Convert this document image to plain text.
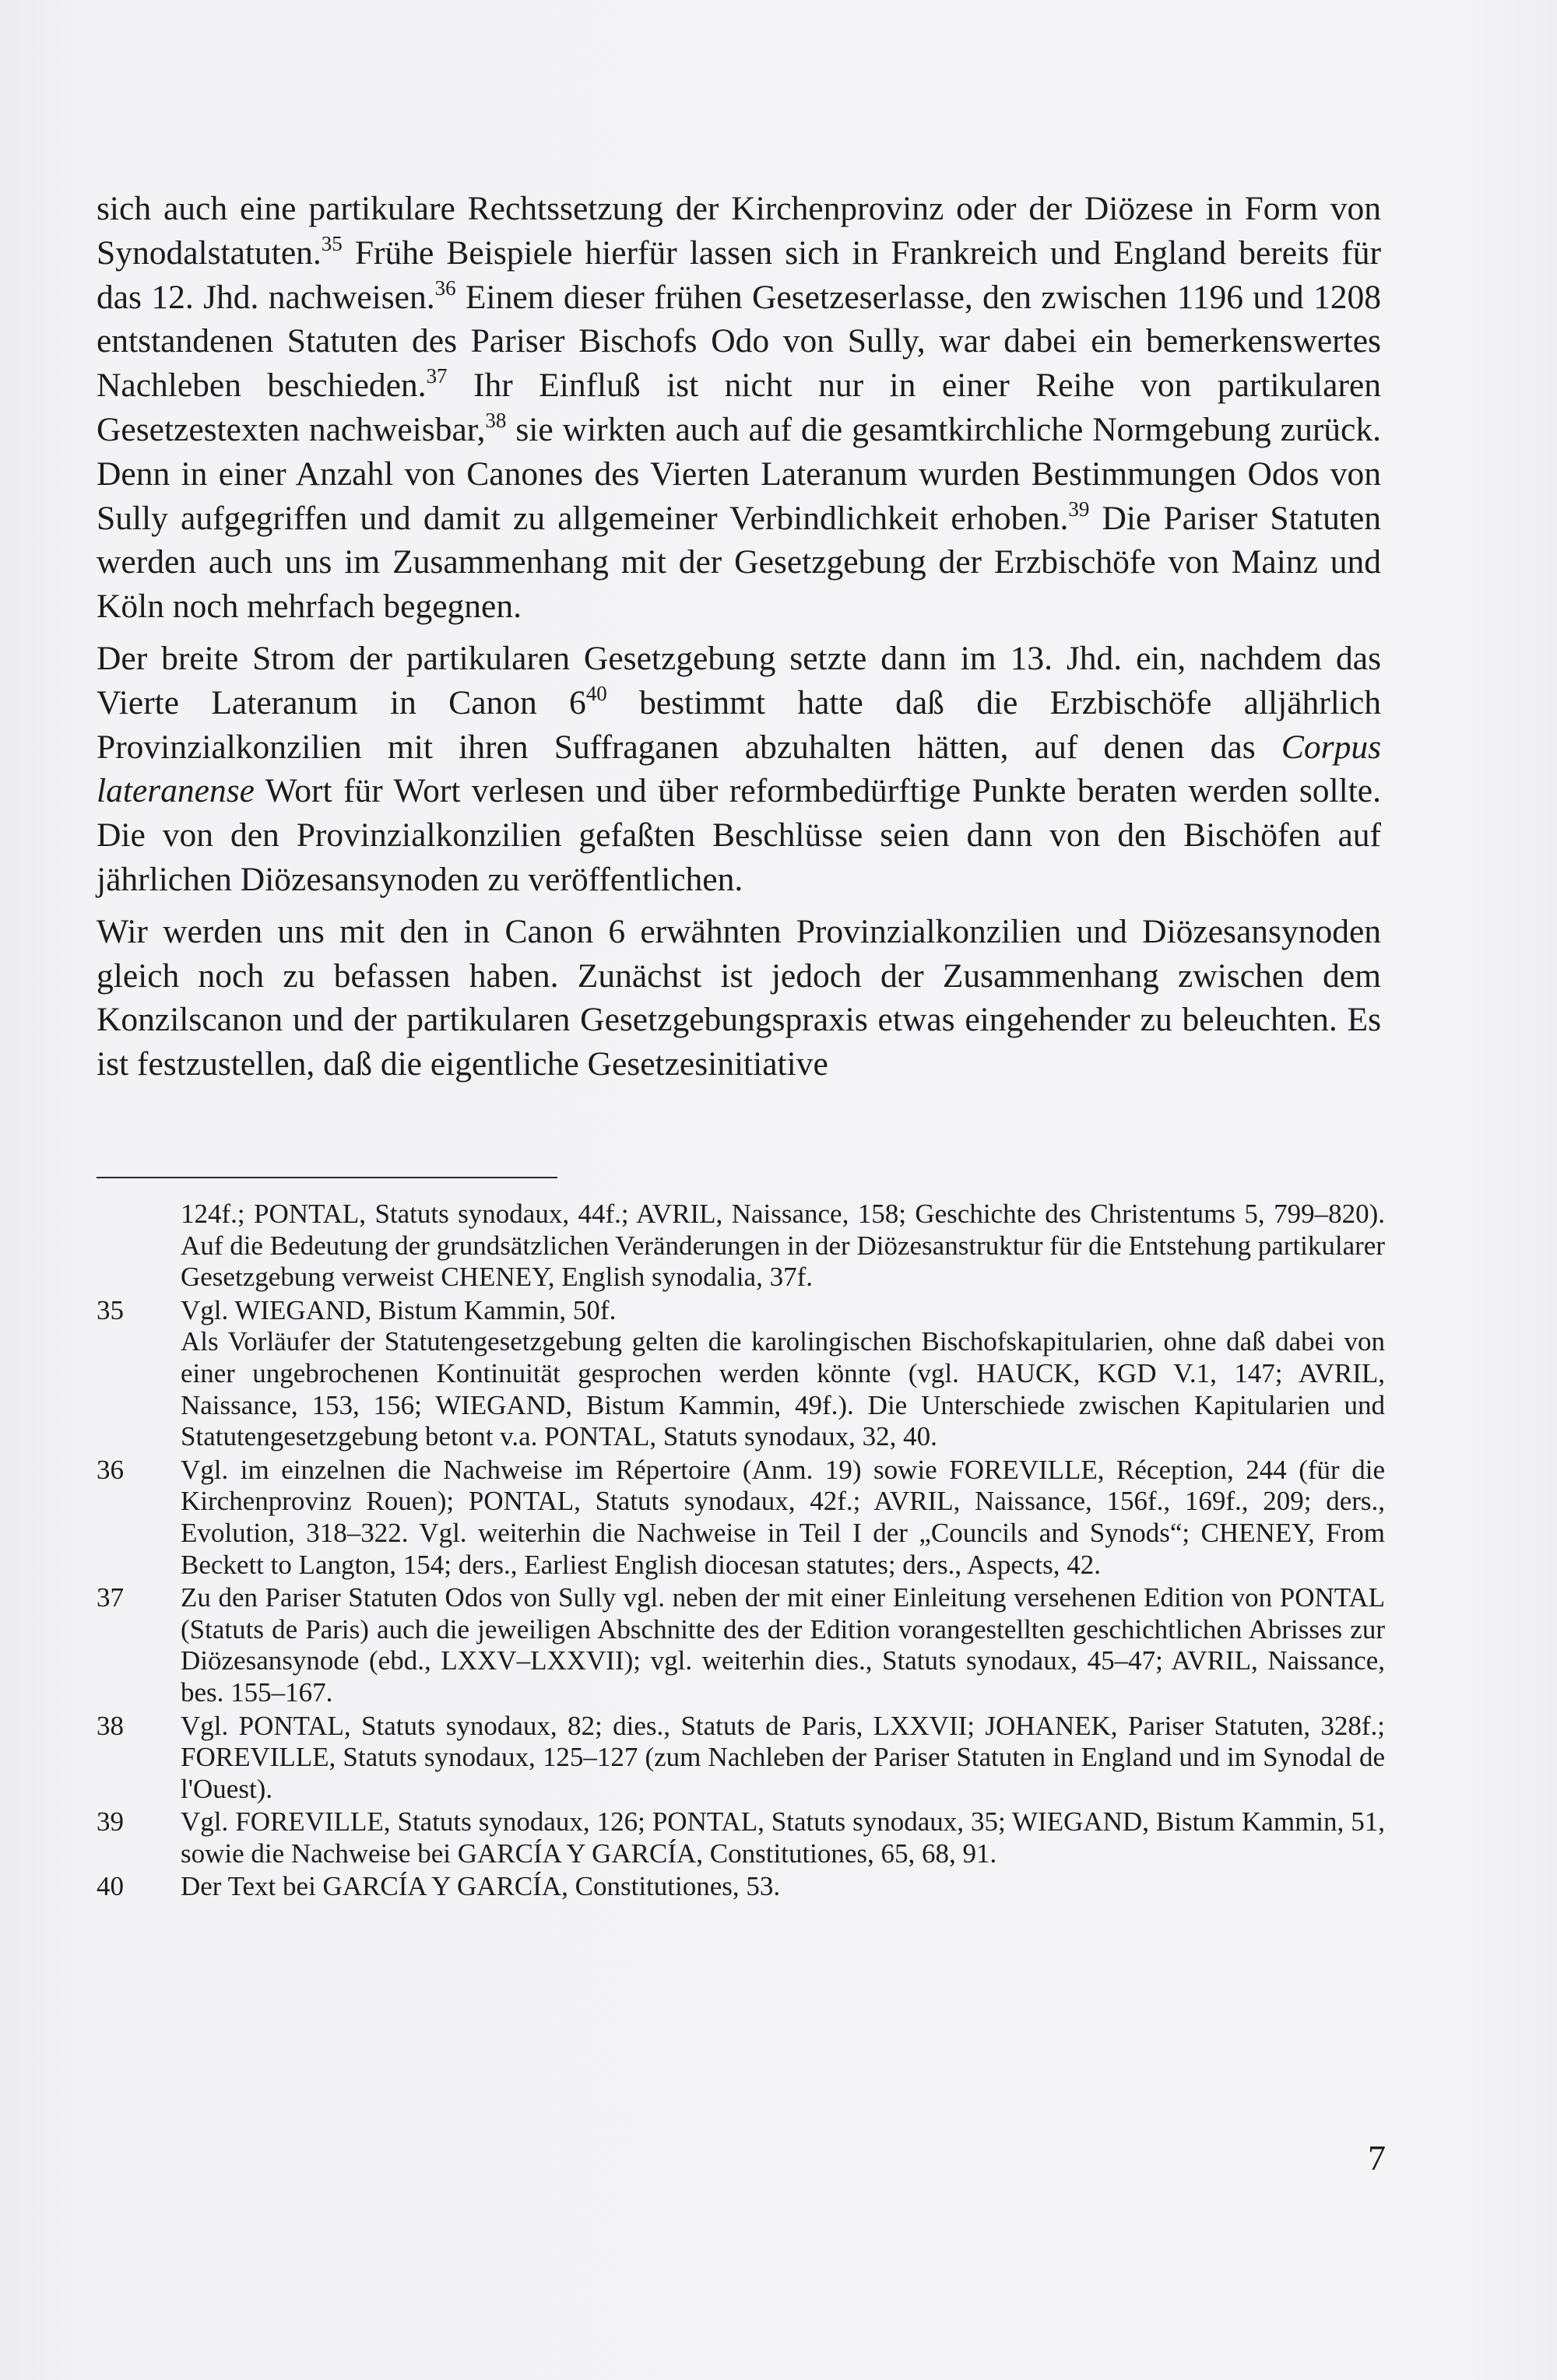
sich auch eine partikulare Rechtssetzung der Kirchenprovinz oder der Diözese in Form von Synodalstatuten.$^{35}$ Frühe Beispiele hierfür lassen sich in Frankreich und England bereits für das 12. Jhd. nachweisen.$^{36}$ Einem dieser frühen Gesetzeserlasse, den zwischen 1196 und 1208 entstandenen Statuten des Pariser Bischofs Odo von Sully, war dabei ein bemerkenswertes Nachleben beschieden.$^{37}$ Ihr Einfluß ist nicht nur in einer Reihe von partikularen Gesetzestexten nachweisbar,$^{38}$ sie wirkten auch auf die gesamtkirchliche Normgebung zurück. Denn in einer Anzahl von Canones des Vierten Lateranum wurden Bestimmungen Odos von Sully aufgegriffen und damit zu allgemeiner Verbindlichkeit erhoben.$^{39}$ Die Pariser Statuten werden auch uns im Zusammenhang mit der Gesetzgebung der Erzbischöfe von Mainz und Köln noch mehrfach begegnen.

Der breite Strom der partikularen Gesetzgebung setzte dann im 13. Jhd. ein, nachdem das Vierte Lateranum in Canon $6^{40}$ bestimmt hatte daß die Erzbischöfe alljährlich Provinzialkonzilien mit ihren Suffraganen abzuhalten hätten, auf denen das Corpus lateranense Wort für Wort verlesen und über reformbedürftige Punkte beraten werden sollte. Die von den Provinzialkonzilien gefaßten Beschlüsse seien dann von den Bischöfen auf jährlichen Diözesansynoden zu veröffentlichen.

Wir werden uns mit den in Canon 6 erwähnten Provinzialkonzilien und Diözesansynoden gleich noch zu befassen haben. Zunächst ist jedoch der Zusammenhang zwischen dem Konzilscanon und der partikularen Gesetzgebungspraxis etwas eingehender zu beleuchten. Es ist festzustellen, daß die eigentliche Gesetzesinitiative

124f.; PONTAL, Statuts synodaux, 44f.; AVRIL, Naissance, 158; Geschichte des Christentums 5, 799–820). Auf die Bedeutung der grundsätzlichen Veränderungen in der Diözesanstruktur für die Entstehung partikularer Gesetzgebung verweist CHENEY, English synodalia, 37f.

35	Vgl. WIEGAND, Bistum Kammin, 50f.

Als Vorläufer der Statutengesetzgebung gelten die karolingischen Bischofskapitularien, ohne daß dabei von einer ungebrochenen Kontinuität gesprochen werden könnte (vgl. HAUCK, KGD V.1, 147; AVRIL, Naissance, 153, 156; WIEGAND, Bistum Kammin, 49f.). Die Unterschiede zwischen Kapitularien und Statutengesetzgebung betont v.a. PONTAL, Statuts synodaux, 32, 40.

36	Vgl. im einzelnen die Nachweise im Répertoire (Anm. 19) sowie FOREVILLE, Réception, 244 (für die Kirchenprovinz Rouen); PONTAL, Statuts synodaux, 42f.; AVRIL, Naissance, 156f., 169f., 209; ders., Evolution, 318–322. Vgl. weiterhin die Nachweise in Teil I der „Councils and Synods“; CHENEY, From Beckett to Langton, 154; ders., Earliest English diocesan statutes; ders., Aspects, 42.

37	Zu den Pariser Statuten Odos von Sully vgl. neben der mit einer Einleitung versehenen Edition von PONTAL (Statuts de Paris) auch die jeweiligen Abschnitte des der Edition vorangestellten geschichtlichen Abrisses zur Diözesansynode (ebd., LXXV–LXXVII); vgl. weiterhin dies., Statuts synodaux, 45–47; AVRIL, Naissance, bes. 155–167.

38	Vgl. PONTAL, Statuts synodaux, 82; dies., Statuts de Paris, LXXVII; JOHANEK, Pariser Statuten, 328f.; FOREVILLE, Statuts synodaux, 125–127 (zum Nachleben der Pariser Statuten in England und im Synodal de l'Ouest).

39	Vgl. FOREVILLE, Statuts synodaux, 126; PONTAL, Statuts synodaux, 35; WIEGAND, Bistum Kammin, 51, sowie die Nachweise bei GARCÍA Y GARCÍA, Constitutiones, 65, 68, 91.

40	Der Text bei GARCÍA Y GARCÍA, Constitutiones, 53.

7
